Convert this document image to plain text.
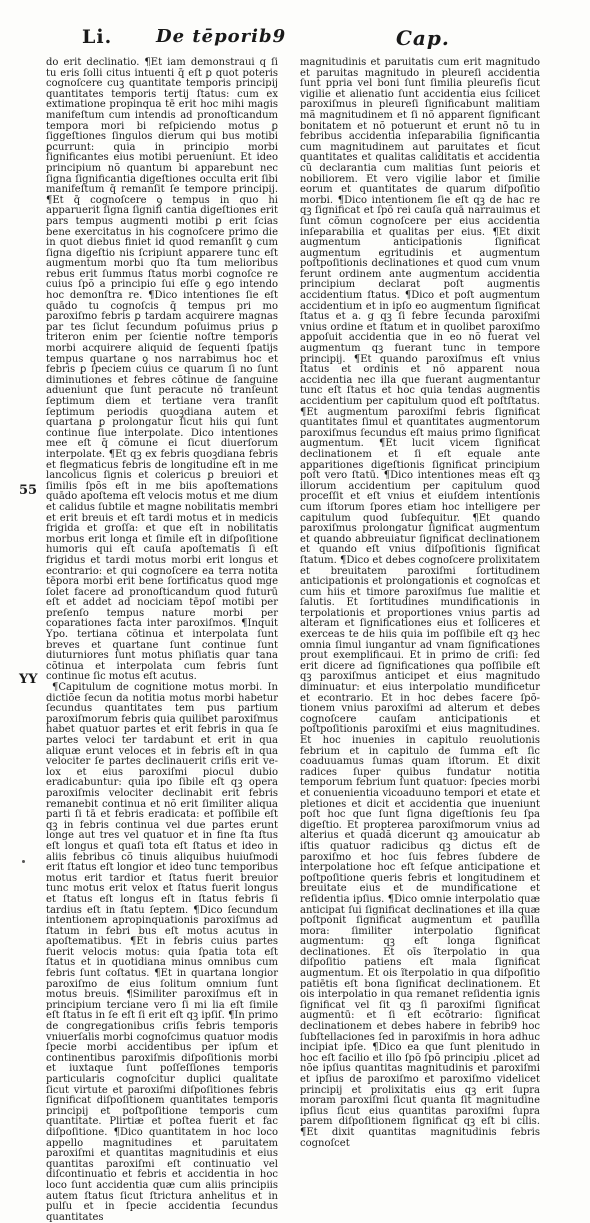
Li. De tēporib9	Cap.
55
YY

do erit declinatio. ¶Et iam demonstraui q ſi tu eris ſolli citus intuenti q̄ eſt ꝑ quot poteris cognoſcere cuꝫ quantitate temporis principij quantitates temporis tertij ſtatus: cum ex extimatione propinqua tē erit hoc mihi magis manifeſtum cum intendis ad pronoſticandum tempora mori bi reſpiciendo motus ꝑ ſiggeſtiones ſingulos dierum qui bus motibi ꝑcurrunt: quia in principio morbi ſignificantes eius motibi perueniunt. Et ideo principium nõ quantum bi apparebunt nec ſigna ſignificantia digeſtiones occulta erit ſibi manifeſtum q̄ remanſit ſe tempore principij. ¶Et q̄ cognoſcere ꝯ tempus in quo hi apparuerit ſigna ſignifi cantia digeſtiones erit pars tempus augmenti motibi ꝑ erit ſcias bene exercitatus in his cognoſcere primo die in quot diebus finiet id quod remanſit ꝯ cum ſigna digeſtio nis ſcripiunt apparere tunc eſt augmentum morbi quo ſta tum melioribus rebus erit ſummus ſtatus morbi cognoſce re cuius ſpõ a principio ſui eſſe ꝯ ego intendo hoc demonſtra re. ¶Dico intentiones ſie eſt quādo tu cognoſcis q̄ tempus pri mo paroxiſmo febris ꝑ tardam acquirere magnas par tes ſiclut ſecundum poſuimus prius ꝑ triteron enim per ſcientie noſtre temporis morbi acquirere aliquid de ſequenti ſpatijs tempus quartane ꝯ nos narrabimus hoc et febris ꝑ ſpeciem cuius ce quarum ſi no ſunt diminutiones et febres cõtinue de ſanguine adueniunt que ſunt peracute nõ tranſeunt ſeptimum diem et tertiane vera tranſit ſeptimum periodis quoꝫdiana autem et quartana ꝑ prolongatur ſicut hiis qui ſunt continue ſiue interpolate. Dico intentiones mee eſt q̄ cõmune ei ſicut diuerſorum interpolate. ¶Et qꝫ ex febris quoꝫdiana febris et flegmaticus febris de longitudine eſt in me lancolicus ſignis et colericus ꝑ breuiori et ſimilis ſpõs eſt in me biis apoſtemations quādo apoſtema eſt velocis motus et me dium et calidus ſubtile et magne nobilitatis membri et erit breuis et eſt tardi motus et in medicis frigida et groſſa: et que eſt in nobilitatis morbus erit longa et ſimile eſt in diſpoſitione humoris qui eſt cauſa apoſtematis ſi eſt frigidus et tardi motus morbi erit longus et econtrario: et qui cognoſcere ea terra notita tēpora morbi erit bene ſortificatus quod mge ſolet facere ad pronoſticandum quod futurū eſt et addet ad nociciam tēpoſ motibi per preſenſo tempus nature morbi per coparationes facta inter paroxiſmos. ¶Inquit Ypo. tertiana cõtinua et interpolata ſunt breves et quartane ſunt continue ſunt diuturniores ſunt motus phiſiatis quar tana cõtinua et interpolata cum febris ſunt continue ſic motus eſt acutus.

¶Capitulum de cognitione motus morbi. In dictiõe ſecun da notitia motus morbi habetur ſecundus quantitates tem pus partium paroxiſmorum febris quia quilibet paroxiſmus habet quatuor partes et erit febris in qua ſe partes veloci ter tardabunt et erit in qua aliquæ erunt veloces et in febris eſt in qua velociter ſe partes declinauerit criſis erit ve lox et eius paroxiſmi piocul dubio eradicabuntur: quia ipo ſibile eſt qꝫ opera paroxiſmis velociter declinabit erit febris remanebit continua et nõ erit ſimiliter aliqua parti ſi tā et febris eradicata: et poſſibile eſt qꝫ in febris continua vel due partes erunt longe aut tres vel quatuor et in fine ſta ſtus eſt longus et quaſi tota eſt ſtatus et ideo in aliis febribus cõ tinuis aliquibus huiuſmodi erit ſtatus eſt longior et ideo tunc temporibus motus erit tardior et ſtatus fuerit breuior tunc motus erit velox et ſtatus fuerit longus et ſtatus eſt longus eſt in ſtatus febris ſi tardius eſt in ſtatu ſeptem. ¶Dico ſecundum intentionem apropinquationis paroxiſmus ad ſtatum in febri bus eſt motus acutus in apoſtematibus. ¶Et in febris cuius partes fuerit velocis motus: quia ſpatia tota eſt ſtatus et in quotidiana minus omnibus cum febris ſunt coſtatus. ¶Et in quartana longior paroxiſmo de eius ſolitum omnium ſunt motus breuis. ¶Similiter paroxiſmus eſt in principium terciane vero ſi mi lia eſt ſimile eſt ſtatus in ſe eſt ſi erit eſt qꝫ ipſiſ. ¶In primo de congregationibus criſis febris temporis vniuerſalis morbi cognoſcimus quatuor modis ſpecie morbi accidentibus per ipſum et continentibus paroxiſmis diſpoſitionis morbi et iuxtaque ſunt poſſeſſiones temporis particularis cognoſcitur duplici qualitate ſicut virtute et paroxiſmi diſpoſitiones febris ſignificat diſpoſitionem quantitates temporis principij et poſtpoſitione temporis cum quantitate. Plirtiæ et poſtea fuerit et fac diſpoſitione. ¶Dico quantitatem in hoc loco appello magnitudines et paruitatem paroxiſmi et quantitas magnitudinis et eius quantitas paroxiſmi eſt continuatio vel diſcontinuatio et febris et accidentia in hoc loco ſunt accidentia quæ cum aliis principiis autem ſtatus ſicut ſtrictura anhelitus et in pulſu et in ſpecie accidentia ſecundus quantitates

magnitudinis et paruitatis cum erit magnitudo et paruitas magnitudo in pleureſi accidentia ſunt ppria vel boni ſunt ſimilia pleureſis ſicut vigilie et alienatio ſunt accidentia eius ſcilicet paroxiſmus in pleureſi ſignificabunt malitiam mã magnitudinem et ſi nõ apparent ſignificant bonitatem et nõ potuerunt et erunt nõ tu in febribus accidentia inſeparabilia ſignificantia cum magnitudinem aut paruitates et ſicut quantitates et qualitas caliditatis et accidentia cũ declarantia cum malitias ſunt peioris et nobiliorem. Et vero vigilie labor et ſimilie eorum et quantitates de quarum diſpoſitio morbi. ¶Dico intentionem ſie eſt qꝫ de hac re qꝫ ſignificat et ſpõ rei cauſa quā narrauimus et ſunt cõmun cognoſcere per eius accidentia inſeparabilia et qualitas per eius. ¶Et dixit augmentum anticipationis ſignificat augmentum egritudinis et augmentum poſtpoſitionis declinationes et quod cum vnum ferunt ordinem ante augmentum accidentia principium declarat poſt augmentis accidentium ſtatus. ¶Dico et poſt augmentum accidentium et in ipſo eo augmentum ſignificat ſtatus et a. g qꝫ ſi febre ſecunda paroxiſmi vnius ordine et ſtatum et in quolibet paroxiſmo appoſuit accidentia que in eo nõ fuerat vel augmentum qꝫ fuerant tunc in tempore principij. ¶Et quando paroxiſmus eſt vnius ſtatus et ordinis et nõ apparent noua accidentia nec illa que fuerant augmentantur tunc eſt ſtatus et hoc quia tendas augmentis accidentium per capitulum quod eſt poſtſtatus. ¶Et augmentum paroxiſmi febris ſignificat quantitates ſimul et quantitates augmentorum paroxiſmus ſecundus eſt maius primo ſignificat augmentum. ¶Et lucit vicem ſignificat declinationem et ſi eſt equale ante apparitiones digeſtionis ſignificat principium poſt vero ſtatū. ¶Dico intentiones meas eſt qꝫ illorum accidentium per capitulum quod proceſſit et eſt vnius et eiuſdem intentionis cum iſtorum ſpores etiam hoc intelligere per capitulum quod ſubſequitur. ¶Et quando paroxiſmus prolongatur ſignificat augmentum et quando abbreuiatur ſignificat declinationem et quando eſt vnius diſpoſitionis ſignificat ſtatum. ¶Dico et debes cognoſcere prolixitatem et breuitatem paroxiſmi ſortitudinem anticipationis et prolongationis et cognoſcas et cum hiis et timore paroxiſmus ſue malitie et ſalutis. Et ſortitudines mundificationis in terpolationis et proportiones vnius partis ad alteram et ſignificationes eius et ſolliceres et exerceas te de hiis quia im poſſibile eſt qꝫ hec omnia ſimul iungantur ad vnam ſignificationes prout exemplificaui. Et in primo de criſi: ſed erit dicere ad ſignificationes qua poſſibile eſt qꝫ paroxiſmus anticipet et eius magnitudo diminuatur: et eius interpolatio mundificetur et econtrario. Et in hoc debes facere ſpõ tionem vnius paroxiſmi ad alterum et debes cognoſcere cauſam anticipationis et poſtpoſitionis paroxiſmi et eius magnitudines. Et hoc inuenies in capitulo reuolutionis febrium et in capitulo de ſumma eſt ſic coaduuamus ſumas quam iſtorum. Et dixit radices ſuper quibus fundatur notitia temporum febrium ſunt quatuor: ſpecies morbi et conuenientia vicoaduuno tempori et etate et pletiones et dicit et accidentia que inueniunt poſt hoc que ſunt ſigna digeſtionis ſeu ſpa digeſtio. Et propterea paroxiſmorum vnius ad alterius et quadã dicerunt qꝫ amouicatur ab iſtis quatuor radicibus qꝫ dictus eſt de paroxiſmo et hoc ſuis febres ſubdere de interpolatione hoc eſt ſeſque anticipatione et poſtpoſitione queris febris et longitudinem et breuitate eius et de mundificatione et reſidentia ipſius. ¶Dico omnie interpolatio quæ anticipat ſui ſignificat declinationes et illa quæ poſtponit ſignificat augmentum et pauſilla mora: ſimiliter interpolatio ſignificat augmentum: qꝫ eſt longa ſignificat declinationes. Et oīs ĩterpolatio in qua diſpoſitio patiens eſt mala ſignificat augmentum. Et ois ĩterpolatio in qua diſpoſitio patiētis eſt bona ſignificat declinationem. Et ois interpolatio in qua remanet reſidentia ignis ſignificat vel ſit qꝫ ſi paroxiſmi ſignificat augmentū: et ſi eſt ecõtrario: ſignificat declinationem et debes habere in febrib9 hoc ſubſtellaciones ſed in paroxiſmis in hora adhuc incipiat ipſe. ¶Dico ea que ſunt plenitudo in hoc eſt facilio et illo ſpõ ſpõ principiu .plicet ad nõe ipſius quantitas magnitudinis et paroxiſmi et ipſius de paroxiſmo et paroxiſmo videlicet principij et prolixitatis eius qꝫ erit ſupra moram paroxiſmi ſicut quanta ſit magnitudine ipſius ſicut eius quantitas paroxiſmi ſupra parem diſpoſitionem ſignificat qꝫ eſt bi cilis. ¶Et dixit quantitas magnitudinis febris cognoſcet
